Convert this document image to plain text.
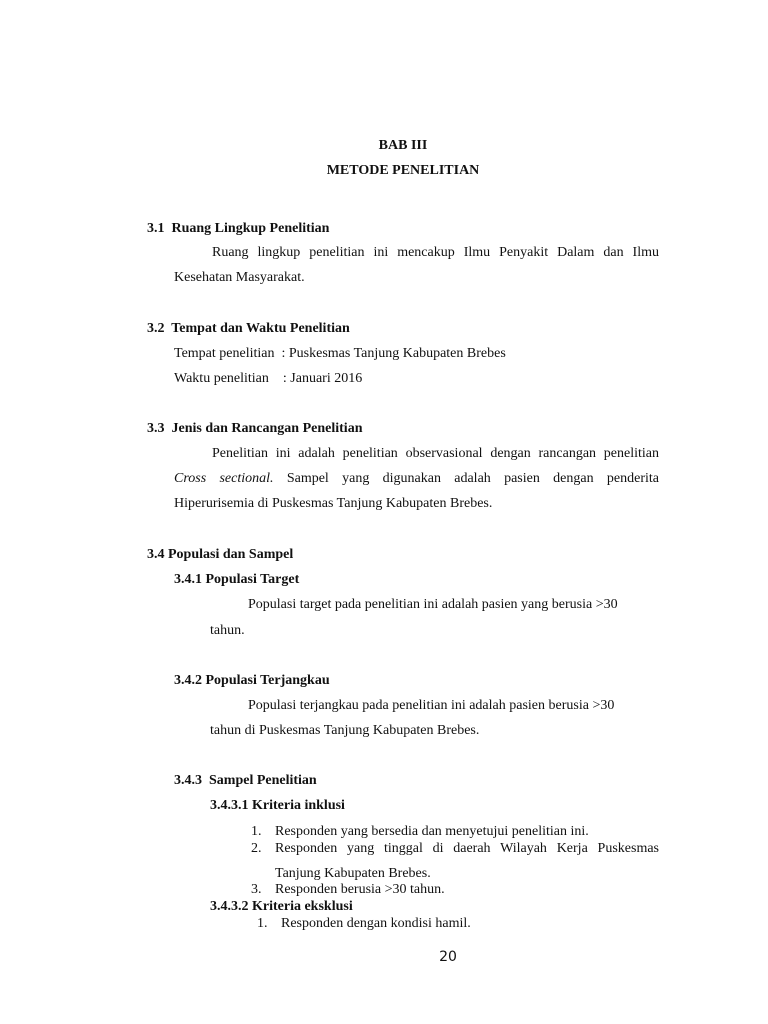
BAB III
METODE PENELITIAN
3.1  Ruang Lingkup Penelitian
Ruang lingkup penelitian ini mencakup Ilmu Penyakit Dalam dan Ilmu Kesehatan Masyarakat.
3.2  Tempat dan Waktu Penelitian
Tempat penelitian  : Puskesmas Tanjung Kabupaten Brebes
Waktu penelitian    : Januari 2016
3.3  Jenis dan Rancangan Penelitian
Penelitian ini adalah penelitian observasional dengan rancangan penelitian Cross sectional. Sampel yang digunakan adalah pasien dengan penderita Hiperurisemia di Puskesmas Tanjung Kabupaten Brebes.
3.4 Populasi dan Sampel
3.4.1 Populasi Target
Populasi target pada penelitian ini adalah pasien yang berusia >30
tahun.
3.4.2 Populasi Terjangkau
Populasi terjangkau pada penelitian ini adalah pasien berusia >30
tahun di Puskesmas Tanjung Kabupaten Brebes.
3.4.3  Sampel Penelitian
3.4.3.1 Kriteria inklusi
1. Responden yang bersedia dan menyetujui penelitian ini.
2. Responden yang tinggal di daerah Wilayah Kerja Puskesmas
Tanjung Kabupaten Brebes.
3. Responden berusia >30 tahun.
3.4.3.2 Kriteria eksklusi
1. Responden dengan kondisi hamil.
20
